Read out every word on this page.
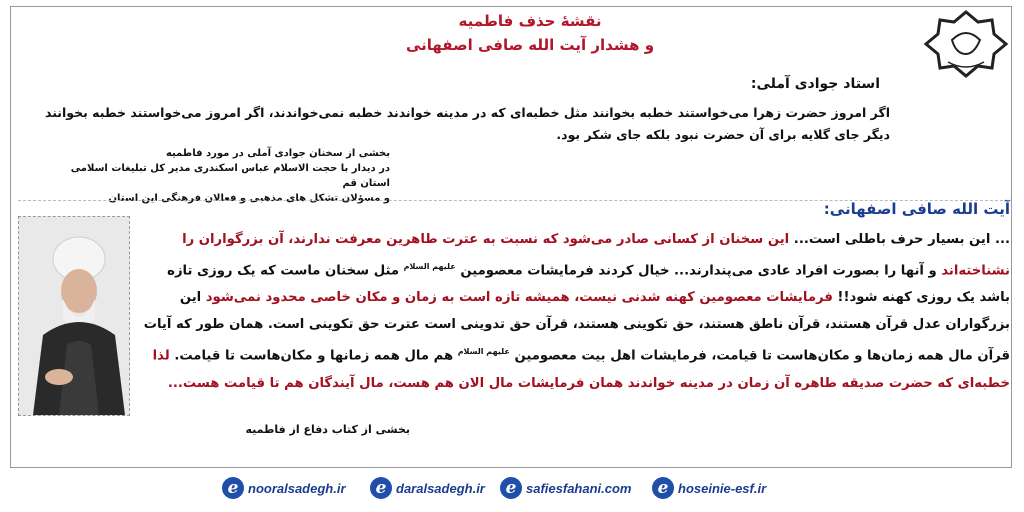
نقشهٔ حذف فاطمیه
و هشدار آیت الله صافی اصفهانی
استاد جوادی آملی:
اگر امروز حضرت زهرا می‌خواستند خطبه بخوانند مثل خطبه‌ای که در مدینه خواندند خطبه نمی‌خواندند، اگر امروز می‌خواستند خطبه بخوانند دیگر جای گلایه برای آن حضرت نبود بلکه جای شکر بود.
بخشی از سخنان جوادی آملی در مورد فاطمیه
در دیدار با حجت الاسلام عباس اسکندری مدیر کل تبلیغات اسلامی استان قم
و مسؤلان تشکل های مذهبی و فعالان فرهنگی این استان
آیت الله صافی اصفهانی:
... این بسیار حرف باطلی است... این سخنان از کسانی صادر می‌شود که نسبت به عترت طاهرین معرفت ندارند، آن بزرگواران را نشناخته‌اند و آنها را بصورت افراد عادی می‌پندارند... خیال کردند فرمایشات معصومین $^{علیهم السلام}$ مثل سخنان ماست که یک روزی تازه باشد یک روزی کهنه شود!! فرمایشات معصومین کهنه شدنی نیست، همیشه تازه است به زمان و مکان خاصی محدود نمی‌شود این بزرگواران عدل قرآن هستند، قرآن ناطق هستند، حق تکوینی هستند، قرآن حق تدوینی است عترت حق تکوینی است. همان طور که آیات قرآن مال همه زمان‌ها و مکان‌هاست تا قیامت، فرمایشات اهل بیت معصومین $^{علیهم السلام}$ هم مال همه زمانها و مکان‌هاست تا قیامت. لذا خطبه‌ای که حضرت صدیقه طاهره آن زمان در مدینه خواندند همان فرمایشات مال الان هم هست، مال آیندگان هم تا قیامت هست...
بخشی از کتاب دفاع از فاطمیه
e nooralsadegh.ir	e daralsadegh.ir	e safiesfahani.com	e hoseinie-esf.ir
